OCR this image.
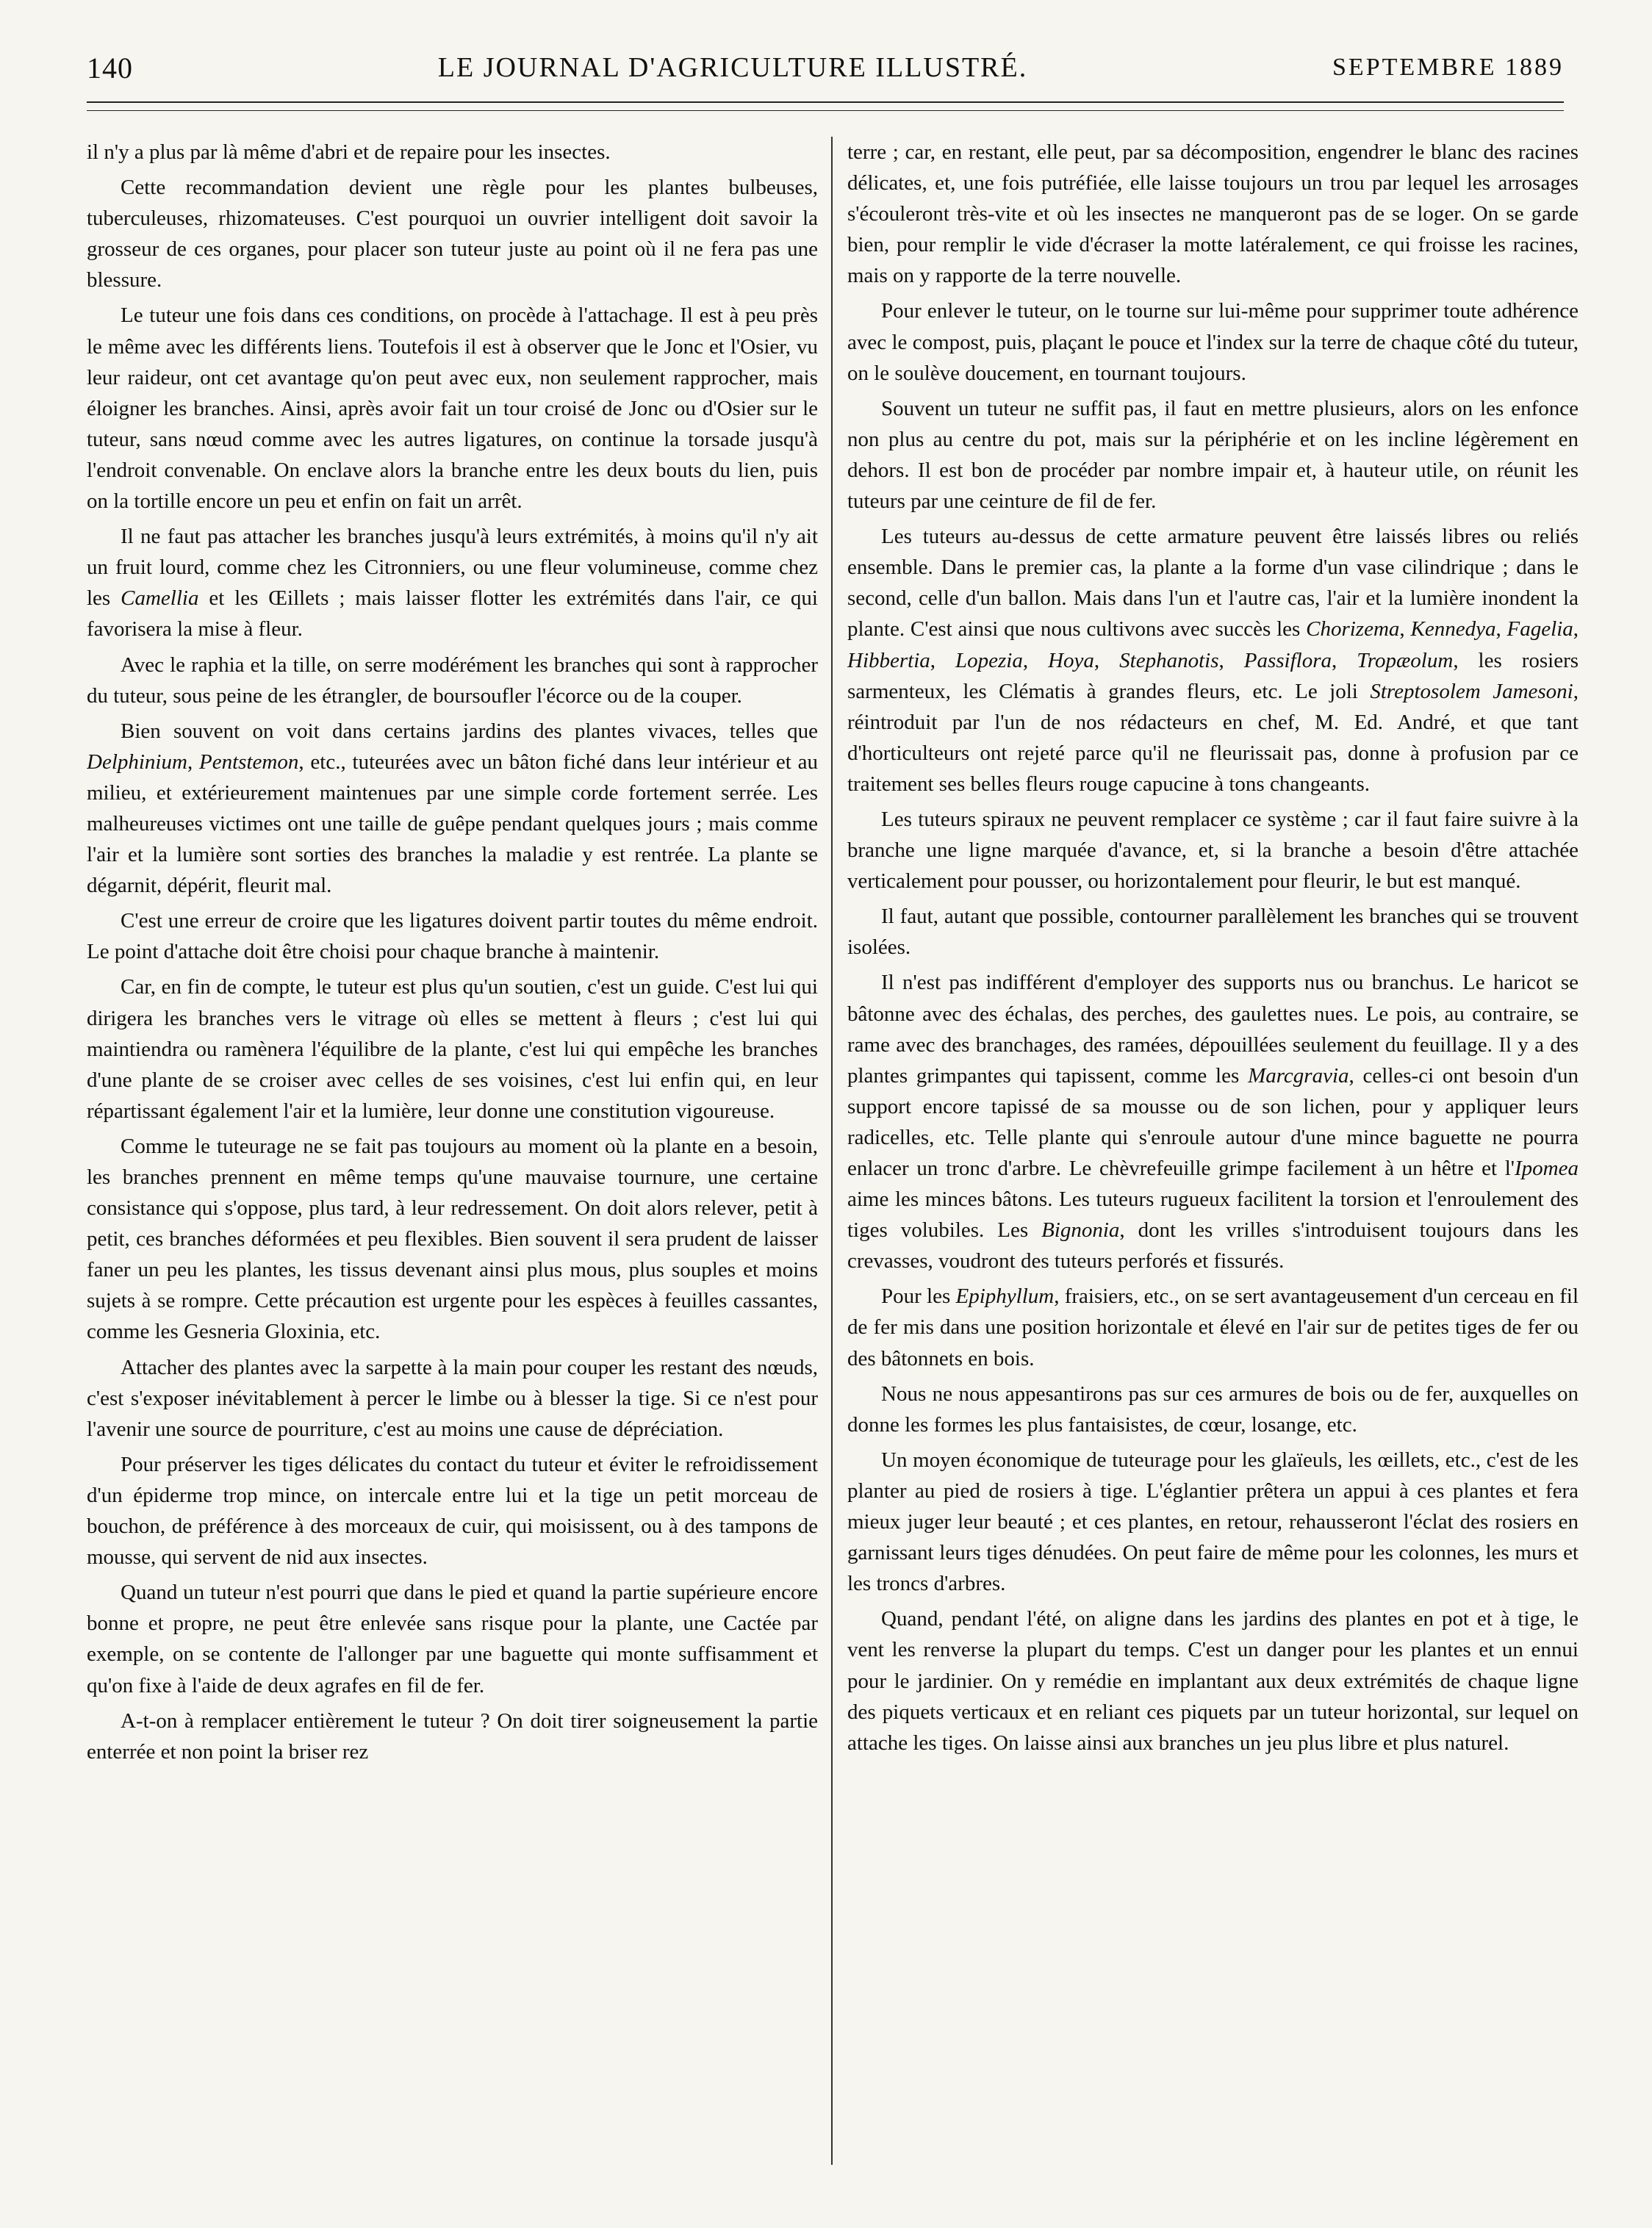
140	LE JOURNAL D'AGRICULTURE ILLUSTRÉ.	SEPTEMBRE 1889

il n'y a plus par là même d'abri et de repaire pour les insectes.

Cette recommandation devient une règle pour les plantes bulbeuses, tuberculeuses, rhizomateuses. C'est pourquoi un ouvrier intelligent doit savoir la grosseur de ces organes, pour placer son tuteur juste au point où il ne fera pas une blessure.

Le tuteur une fois dans ces conditions, on procède à l'attachage. Il est à peu près le même avec les différents liens. Toutefois il est à observer que le Jonc et l'Osier, vu leur raideur, ont cet avantage qu'on peut avec eux, non seulement rapprocher, mais éloigner les branches. Ainsi, après avoir fait un tour croisé de Jonc ou d'Osier sur le tuteur, sans nœud comme avec les autres ligatures, on continue la torsade jusqu'à l'endroit convenable. On enclave alors la branche entre les deux bouts du lien, puis on la tortille encore un peu et enfin on fait un arrêt.

Il ne faut pas attacher les branches jusqu'à leurs extrémités, à moins qu'il n'y ait un fruit lourd, comme chez les Citronniers, ou une fleur volumineuse, comme chez les Camellia et les Œillets ; mais laisser flotter les extrémités dans l'air, ce qui favorisera la mise à fleur.

Avec le raphia et la tille, on serre modérément les branches qui sont à rapprocher du tuteur, sous peine de les étrangler, de boursoufler l'écorce ou de la couper.

Bien souvent on voit dans certains jardins des plantes vivaces, telles que Delphinium, Pentstemon, etc., tuteurées avec un bâton fiché dans leur intérieur et au milieu, et extérieurement maintenues par une simple corde fortement serrée. Les malheureuses victimes ont une taille de guêpe pendant quelques jours ; mais comme l'air et la lumière sont sorties des branches la maladie y est rentrée. La plante se dégarnit, dépérit, fleurit mal.

C'est une erreur de croire que les ligatures doivent partir toutes du même endroit. Le point d'attache doit être choisi pour chaque branche à maintenir.

Car, en fin de compte, le tuteur est plus qu'un soutien, c'est un guide. C'est lui qui dirigera les branches vers le vitrage où elles se mettent à fleurs ; c'est lui qui maintiendra ou ramènera l'équilibre de la plante, c'est lui qui empêche les branches d'une plante de se croiser avec celles de ses voisines, c'est lui enfin qui, en leur répartissant également l'air et la lumière, leur donne une constitution vigoureuse.

Comme le tuteurage ne se fait pas toujours au moment où la plante en a besoin, les branches prennent en même temps qu'une mauvaise tournure, une certaine consistance qui s'oppose, plus tard, à leur redressement. On doit alors relever, petit à petit, ces branches déformées et peu flexibles. Bien souvent il sera prudent de laisser faner un peu les plantes, les tissus devenant ainsi plus mous, plus souples et moins sujets à se rompre. Cette précaution est urgente pour les espèces à feuilles cassantes, comme les Gesneria Gloxinia, etc.

Attacher des plantes avec la sarpette à la main pour couper les restant des nœuds, c'est s'exposer inévitablement à percer le limbe ou à blesser la tige. Si ce n'est pour l'avenir une source de pourriture, c'est au moins une cause de dépréciation.

Pour préserver les tiges délicates du contact du tuteur et éviter le refroidissement d'un épiderme trop mince, on intercale entre lui et la tige un petit morceau de bouchon, de préférence à des morceaux de cuir, qui moisissent, ou à des tampons de mousse, qui servent de nid aux insectes.

Quand un tuteur n'est pourri que dans le pied et quand la partie supérieure encore bonne et propre, ne peut être enlevée sans risque pour la plante, une Cactée par exemple, on se contente de l'allonger par une baguette qui monte suffisamment et qu'on fixe à l'aide de deux agrafes en fil de fer.

A-t-on à remplacer entièrement le tuteur ? On doit tirer soigneusement la partie enterrée et non point la briser rez

terre ; car, en restant, elle peut, par sa décomposition, engendrer le blanc des racines délicates, et, une fois putréfiée, elle laisse toujours un trou par lequel les arrosages s'écouleront très-vite et où les insectes ne manqueront pas de se loger. On se garde bien, pour remplir le vide d'écraser la motte latéralement, ce qui froisse les racines, mais on y rapporte de la terre nouvelle.

Pour enlever le tuteur, on le tourne sur lui-même pour supprimer toute adhérence avec le compost, puis, plaçant le pouce et l'index sur la terre de chaque côté du tuteur, on le soulève doucement, en tournant toujours.

Souvent un tuteur ne suffit pas, il faut en mettre plusieurs, alors on les enfonce non plus au centre du pot, mais sur la périphérie et on les incline légèrement en dehors. Il est bon de procéder par nombre impair et, à hauteur utile, on réunit les tuteurs par une ceinture de fil de fer.

Les tuteurs au-dessus de cette armature peuvent être laissés libres ou reliés ensemble. Dans le premier cas, la plante a la forme d'un vase cilindrique ; dans le second, celle d'un ballon. Mais dans l'un et l'autre cas, l'air et la lumière inondent la plante. C'est ainsi que nous cultivons avec succès les Chorizema, Kennedya, Fagelia, Hibbertia, Lopezia, Hoya, Stephanotis, Passiflora, Tropæolum, les rosiers sarmenteux, les Clématis à grandes fleurs, etc. Le joli Streptosolem Jamesoni, réintroduit par l'un de nos rédacteurs en chef, M. Ed. André, et que tant d'horticulteurs ont rejeté parce qu'il ne fleurissait pas, donne à profusion par ce traitement ses belles fleurs rouge capucine à tons changeants.

Les tuteurs spiraux ne peuvent remplacer ce système ; car il faut faire suivre à la branche une ligne marquée d'avance, et, si la branche a besoin d'être attachée verticalement pour pousser, ou horizontalement pour fleurir, le but est manqué.

Il faut, autant que possible, contourner parallèlement les branches qui se trouvent isolées.

Il n'est pas indifférent d'employer des supports nus ou branchus. Le haricot se bâtonne avec des échalas, des perches, des gaulettes nues. Le pois, au contraire, se rame avec des branchages, des ramées, dépouillées seulement du feuillage. Il y a des plantes grimpantes qui tapissent, comme les Marcgravia, celles-ci ont besoin d'un support encore tapissé de sa mousse ou de son lichen, pour y appliquer leurs radicelles, etc. Telle plante qui s'enroule autour d'une mince baguette ne pourra enlacer un tronc d'arbre. Le chèvrefeuille grimpe facilement à un hêtre et l'Ipomea aime les minces bâtons. Les tuteurs rugueux facilitent la torsion et l'enroulement des tiges volubiles. Les Bignonia, dont les vrilles s'introduisent toujours dans les crevasses, voudront des tuteurs perforés et fissurés.

Pour les Epiphyllum, fraisiers, etc., on se sert avantageusement d'un cerceau en fil de fer mis dans une position horizontale et élevé en l'air sur de petites tiges de fer ou des bâtonnets en bois.

Nous ne nous appesantirons pas sur ces armures de bois ou de fer, auxquelles on donne les formes les plus fantaisistes, de cœur, losange, etc.

Un moyen économique de tuteurage pour les glaïeuls, les œillets, etc., c'est de les planter au pied de rosiers à tige. L'églantier prêtera un appui à ces plantes et fera mieux juger leur beauté ; et ces plantes, en retour, rehausseront l'éclat des rosiers en garnissant leurs tiges dénudées. On peut faire de même pour les colonnes, les murs et les troncs d'arbres.

Quand, pendant l'été, on aligne dans les jardins des plantes en pot et à tige, le vent les renverse la plupart du temps. C'est un danger pour les plantes et un ennui pour le jardinier. On y remédie en implantant aux deux extrémités de chaque ligne des piquets verticaux et en reliant ces piquets par un tuteur horizontal, sur lequel on attache les tiges. On laisse ainsi aux branches un jeu plus libre et plus naturel.
